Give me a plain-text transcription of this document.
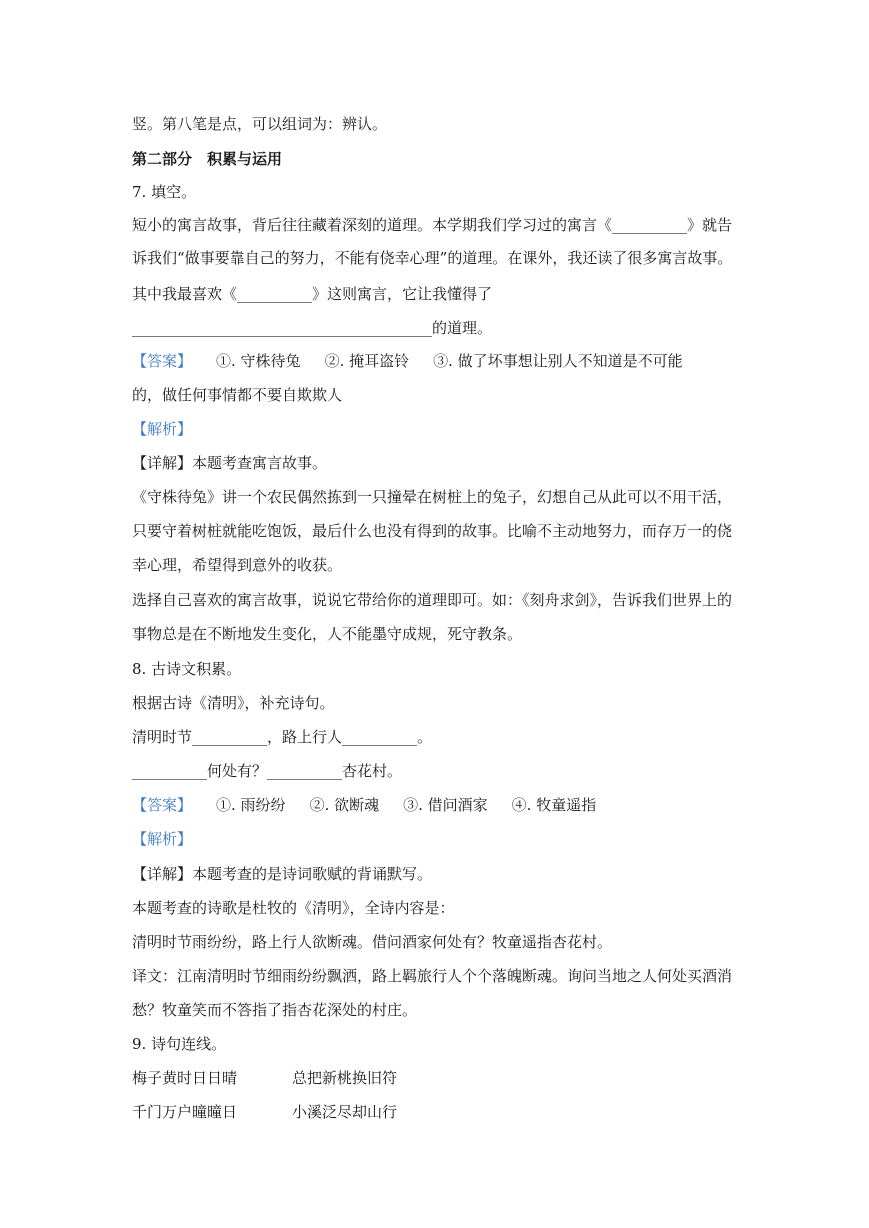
竖。第八笔是点，可以组词为：辨认。
第二部分　积累与运用
7. 填空。
短小的寓言故事，背后往往藏着深刻的道理。本学期我们学习过的寓言《__________》就告
诉我们“做事要靠自己的努力，不能有侥幸心理”的道理。在课外，我还读了很多寓言故事。
其中我最喜欢《__________》这则寓言，它让我懂得了
________________________________________的道理。
【答案】 ①. 守株待兔 ②. 掩耳盗铃 ③. 做了坏事想让别人不知道是不可能
的，做任何事情都不要自欺欺人
【解析】
【详解】本题考查寓言故事。
《守株待兔》讲一个农民偶然拣到一只撞晕在树桩上的兔子，幻想自己从此可以不用干活，
只要守着树桩就能吃饱饭，最后什么也没有得到的故事。比喻不主动地努力，而存万一的侥
幸心理，希望得到意外的收获。
选择自己喜欢的寓言故事，说说它带给你的道理即可。如：《刻舟求剑》，告诉我们世界上的
事物总是在不断地发生变化，人不能墨守成规，死守教条。
8. 古诗文积累。
根据古诗《清明》，补充诗句。
清明时节__________，路上行人__________。
__________何处有？__________杏花村。
【答案】 ①. 雨纷纷 ②. 欲断魂 ③. 借问酒家 ④. 牧童遥指
【解析】
【详解】本题考查的是诗词歌赋的背诵默写。
本题考查的诗歌是杜牧的《清明》，全诗内容是：
清明时节雨纷纷，路上行人欲断魂。借问酒家何处有？牧童遥指杏花村。
译文：江南清明时节细雨纷纷飘洒，路上羁旅行人个个落魄断魂。询问当地之人何处买酒消
愁？牧童笑而不答指了指杏花深处的村庄。
9. 诗句连线。
梅子黄时日日晴	总把新桃换旧符
千门万户曈曈日	小溪泛尽却山行
